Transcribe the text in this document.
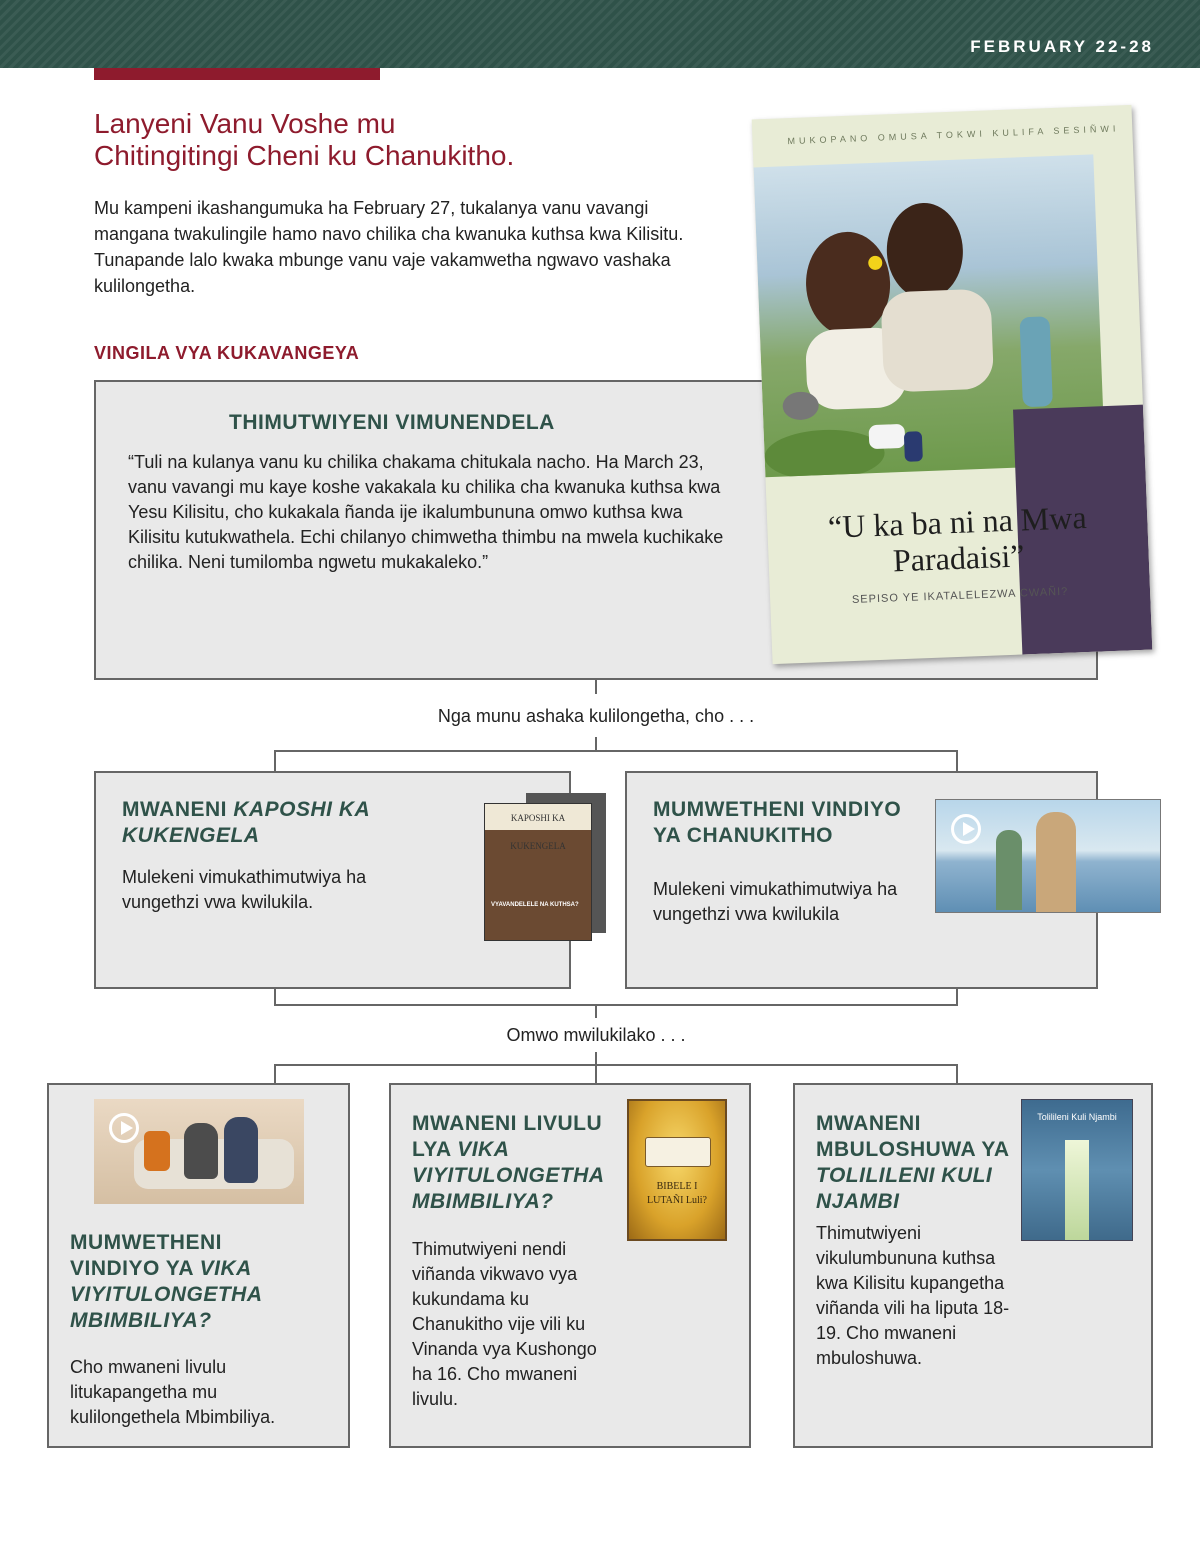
FEBRUARY 22-28
Lanyeni Vanu Voshe mu
Chitingitingi Cheni ku Chanukitho.

Mu kampeni ikashangumuka ha February 27, tukalanya vanu vavangi mangana twakulingile hamo navo chilika cha kwanuka kuthsa kwa Kilisitu. Tunapande lalo kwaka mbunge vanu vaje vakamwetha ngwavo vashaka kulilongetha.

VINGILA VYA KUKAVANGEYA
THIMUTWIYENI VIMUNENDELA
“Tuli na kulanya vanu ku chilika chakama chitukala nacho. Ha March 23, vanu vavangi mu kaye koshe vakakala ku chilika cha kwanuka kuthsa kwa Yesu Kilisitu, cho kukakala ñanda ije ikalumbununa omwo kuthsa kwa Kilisitu kutukwathela. Echi chilanyo chimwetha thimbu na mwela kuchikake chilika. Neni tumilomba ngwetu mukakaleko.”
MUKOPANO OMUSA TOKWI KULIFA SESIÑWI
“U ka ba ni na Mwa Paradaisi”
SEPISO YE IKATALELEZWA CWAÑI?
Nga munu ashaka kulilongetha, cho . . .
MWANENI KAPOSHI KA KUKENGELA
Mulekeni vimukathimutwiya ha vungethzi vwa kwilukila.
KAPOSHI KA KUKENGELA
VYAVANDELELE NA KUTHSA?
MUMWETHENI VINDIYO YA CHANUKITHO
Mulekeni vimukathimutwiya ha vungethzi vwa kwilukila
Omwo mwilukilako . . .
MUMWETHENI VINDIYO YA VIKA VIYITULONGETHA MBIMBILIYA?
Cho mwaneni livulu litukapangetha mu kulilongethela Mbimbiliya.
MWANENI LIVULU LYA VIKA VIYITULONGETHA MBIMBILIYA?
Thimutwiyeni nendi viñanda vikwavo vya kukundama ku Chanukitho vije vili ku Vinanda vya Kushongo ha 16. Cho mwaneni livulu.
BIBELE I
LUTAÑI Luli?
MWANENI MBULOSHUWA YA TOLILILENI KULI NJAMBI
Thimutwiyeni vikulumbununa kuthsa kwa Kilisitu kupangetha viñanda vili ha liputa 18-19. Cho mwaneni mbuloshuwa.
Tolilileni Kuli Njambi
